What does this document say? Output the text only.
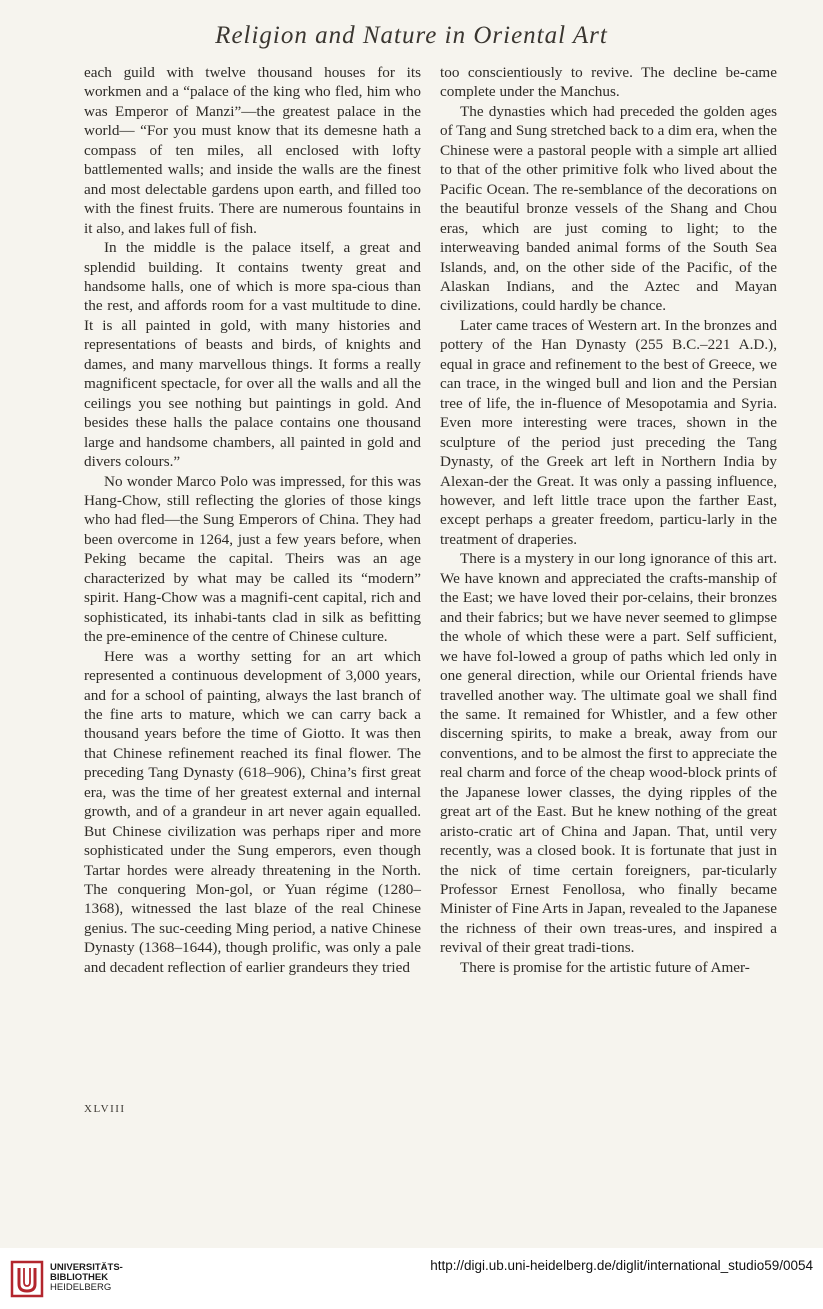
Religion and Nature in Oriental Art

each guild with twelve thousand houses for its workmen and a “palace of the king who fled, him who was Emperor of Manzi”—the greatest palace in the world— “For you must know that its demesne hath a compass of ten miles, all enclosed with lofty battlemented walls; and inside the walls are the finest and most delectable gardens upon earth, and filled too with the finest fruits. There are numerous fountains in it also, and lakes full of fish.

In the middle is the palace itself, a great and splendid building. It contains twenty great and handsome halls, one of which is more spa-cious than the rest, and affords room for a vast multitude to dine. It is all painted in gold, with many histories and representations of beasts and birds, of knights and dames, and many marvellous things. It forms a really magnificent spectacle, for over all the walls and all the ceilings you see nothing but paintings in gold. And besides these halls the palace contains one thousand large and handsome chambers, all painted in gold and divers colours.”

No wonder Marco Polo was impressed, for this was Hang-Chow, still reflecting the glories of those kings who had fled—the Sung Emperors of China. They had been overcome in 1264, just a few years before, when Peking became the capital. Theirs was an age characterized by what may be called its “modern” spirit. Hang-Chow was a magnifi-cent capital, rich and sophisticated, its inhabi-tants clad in silk as befitting the pre-eminence of the centre of Chinese culture.

Here was a worthy setting for an art which represented a continuous development of 3,000 years, and for a school of painting, always the last branch of the fine arts to mature, which we can carry back a thousand years before the time of Giotto. It was then that Chinese refinement reached its final flower. The preceding Tang Dynasty (618–906), China’s first great era, was the time of her greatest external and internal growth, and of a grandeur in art never again equalled. But Chinese civilization was perhaps riper and more sophisticated under the Sung emperors, even though Tartar hordes were already threatening in the North. The conquering Mon-gol, or Yuan régime (1280–1368), witnessed the last blaze of the real Chinese genius. The suc-ceeding Ming period, a native Chinese Dynasty (1368–1644), though prolific, was only a pale and decadent reflection of earlier grandeurs they tried

too conscientiously to revive. The decline be-came complete under the Manchus.

The dynasties which had preceded the golden ages of Tang and Sung stretched back to a dim era, when the Chinese were a pastoral people with a simple art allied to that of the other primitive folk who lived about the Pacific Ocean. The re-semblance of the decorations on the beautiful bronze vessels of the Shang and Chou eras, which are just coming to light; to the interweaving banded animal forms of the South Sea Islands, and, on the other side of the Pacific, of the Alaskan Indians, and the Aztec and Mayan civilizations, could hardly be chance.

Later came traces of Western art. In the bronzes and pottery of the Han Dynasty (255 B.C.–221 A.D.), equal in grace and refinement to the best of Greece, we can trace, in the winged bull and lion and the Persian tree of life, the in-fluence of Mesopotamia and Syria. Even more interesting were traces, shown in the sculpture of the period just preceding the Tang Dynasty, of the Greek art left in Northern India by Alexan-der the Great. It was only a passing influence, however, and left little trace upon the farther East, except perhaps a greater freedom, particu-larly in the treatment of draperies.

There is a mystery in our long ignorance of this art. We have known and appreciated the crafts-manship of the East; we have loved their por-celains, their bronzes and their fabrics; but we have never seemed to glimpse the whole of which these were a part. Self sufficient, we have fol-lowed a group of paths which led only in one general direction, while our Oriental friends have travelled another way. The ultimate goal we shall find the same. It remained for Whistler, and a few other discerning spirits, to make a break, away from our conventions, and to be almost the first to appreciate the real charm and force of the cheap wood-block prints of the Japanese lower classes, the dying ripples of the great art of the East. But he knew nothing of the great aristo-cratic art of China and Japan. That, until very recently, was a closed book. It is fortunate that just in the nick of time certain foreigners, par-ticularly Professor Ernest Fenollosa, who finally became Minister of Fine Arts in Japan, revealed to the Japanese the richness of their own treas-ures, and inspired a revival of their great tradi-tions.

There is promise for the artistic future of Amer-

XLVIII
UNIVERSITÄTS-
BIBLIOTHEK
HEIDELBERG
http://digi.ub.uni-heidelberg.de/diglit/international_studio59/0054
